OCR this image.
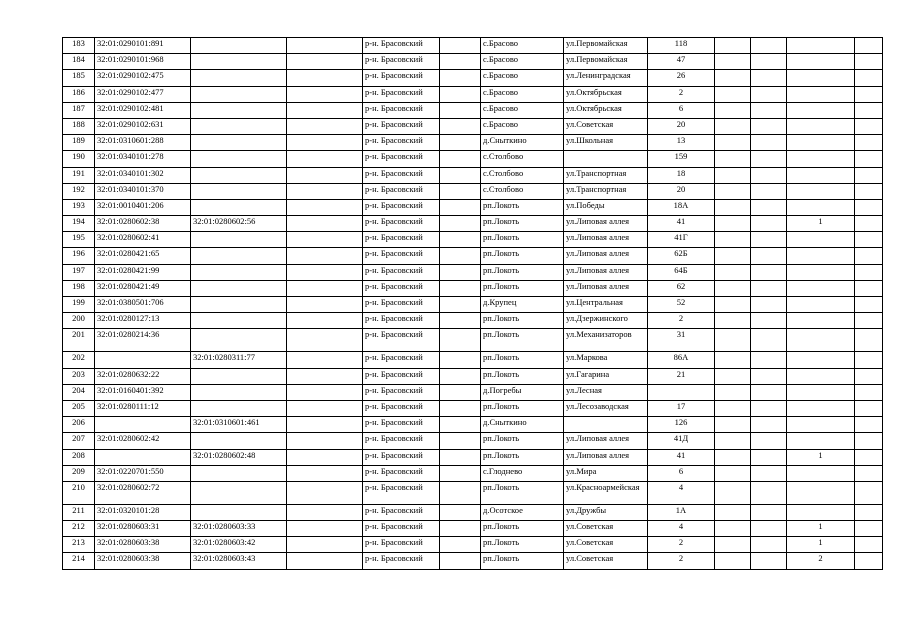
183	32:01:0290101:891			р-н. Брасовский		с.Брасово	ул.Первомайская	118				
184	32:01:0290101:968			р-н. Брасовский		с.Брасово	ул.Первомайская	47				
185	32:01:0290102:475			р-н. Брасовский		с.Брасово	ул.Ленинградская	26				
186	32:01:0290102:477			р-н. Брасовский		с.Брасово	ул.Октябрьская	2				
187	32:01:0290102:481			р-н. Брасовский		с.Брасово	ул.Октябрьская	6				
188	32:01:0290102:631			р-н. Брасовский		с.Брасово	ул.Советская	20				
189	32:01:0310601:288			р-н. Брасовский		д.Сныткино	ул.Школьная	13				
190	32:01:0340101:278			р-н. Брасовский		с.Столбово		159				
191	32:01:0340101:302			р-н. Брасовский		с.Столбово	ул.Транспортная	18				
192	32:01:0340101:370			р-н. Брасовский		с.Столбово	ул.Транспортная	20				
193	32:01:0010401:206			р-н. Брасовский		рп.Локоть	ул.Победы	18А				
194	32:01:0280602:38	32:01:0280602:56		р-н. Брасовский		рп.Локоть	ул.Липовая аллея	41			1	
195	32:01:0280602:41			р-н. Брасовский		рп.Локоть	ул.Липовая аллея	41Г				
196	32:01:0280421:65			р-н. Брасовский		рп.Локоть	ул.Липовая аллея	62Б				
197	32:01:0280421:99			р-н. Брасовский		рп.Локоть	ул.Липовая аллея	64Б				
198	32:01:0280421:49			р-н. Брасовский		рп.Локоть	ул.Липовая аллея	62				
199	32:01:0380501:706			р-н. Брасовский		д.Крупец	ул.Центральная	52				
200	32:01:0280127:13			р-н. Брасовский		рп.Локоть	ул.Дзержинского	2				
201	32:01:0280214:36			р-н. Брасовский		рп.Локоть	ул.Механизаторов	31				
202		32:01:0280311:77		р-н. Брасовский		рп.Локоть	ул.Маркова	86А				
203	32:01:0280632:22			р-н. Брасовский		рп.Локоть	ул.Гагарина	21				
204	32:01:0160401:392			р-н. Брасовский		д.Погребы	ул.Лесная					
205	32:01:0280111:12			р-н. Брасовский		рп.Локоть	ул.Лесозаводская	17				
206		32:01:0310601:461		р-н. Брасовский		д.Сныткино		126				
207	32:01:0280602:42			р-н. Брасовский		рп.Локоть	ул.Липовая аллея	41Д				
208		32:01:0280602:48		р-н. Брасовский		рп.Локоть	ул.Липовая аллея	41			1	
209	32:01:0220701:550			р-н. Брасовский		с.Глоднево	ул.Мира	6				
210	32:01:0280602:72			р-н. Брасовский		рп.Локоть	ул.Красноармейская	4				
211	32:01:0320101:28			р-н. Брасовский		д.Осотское	ул.Дружбы	1А				
212	32:01:0280603:31	32:01:0280603:33		р-н. Брасовский		рп.Локоть	ул.Советская	4			1	
213	32:01:0280603:38	32:01:0280603:42		р-н. Брасовский		рп.Локоть	ул.Советская	2			1	
214	32:01:0280603:38	32:01:0280603:43		р-н. Брасовский		рп.Локоть	ул.Советская	2			2	
